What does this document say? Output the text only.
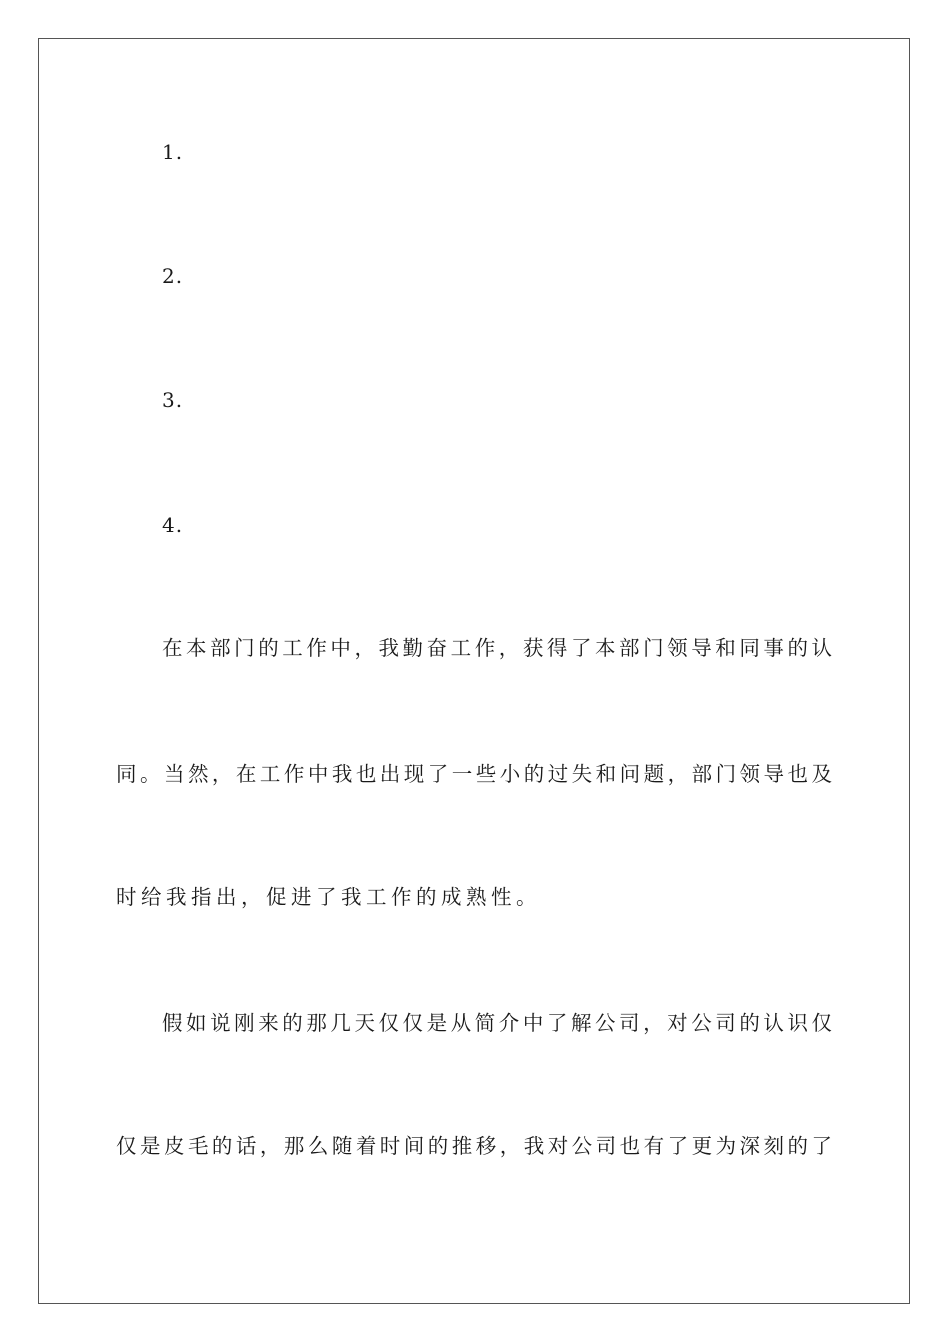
1.
2.
3.
4.
在本部门的工作中，我勤奋工作，获得了本部门领导和同事的认
同。当然，在工作中我也出现了一些小的过失和问题，部门领导也及
时给我指出，促进了我工作的成熟性。
假如说刚来的那几天仅仅是从简介中了解公司，对公司的认识仅
仅是皮毛的话，那么随着时间的推移，我对公司也有了更为深刻的了
